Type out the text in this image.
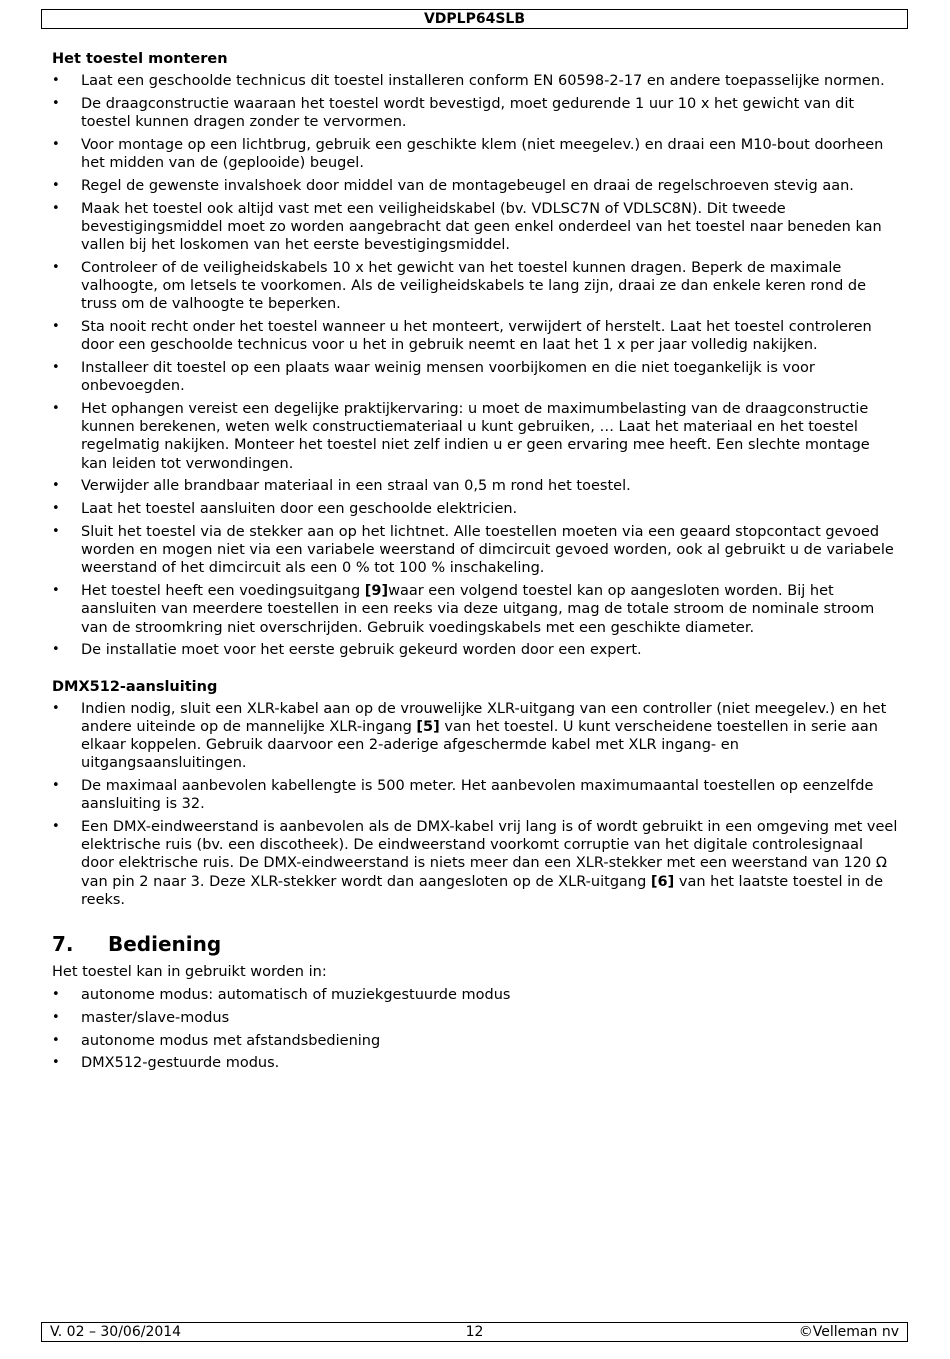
VDPLP64SLB
Het toestel monteren
• Laat een geschoolde technicus dit toestel installeren conform EN 60598-2-17 en andere toepasselijke normen.
• De draagconstructie waaraan het toestel wordt bevestigd, moet gedurende 1 uur 10 x het gewicht van dit toestel kunnen dragen zonder te vervormen.
• Voor montage op een lichtbrug, gebruik een geschikte klem (niet meegelev.) en draai een M10-bout doorheen het midden van de (geplooide) beugel.
• Regel de gewenste invalshoek door middel van de montagebeugel en draai de regelschroeven stevig aan.
• Maak het toestel ook altijd vast met een veiligheidskabel (bv. VDLSC7N of VDLSC8N). Dit tweede bevestigingsmiddel moet zo worden aangebracht dat geen enkel onderdeel van het toestel naar beneden kan vallen bij het loskomen van het eerste bevestigingsmiddel.
• Controleer of de veiligheidskabels 10 x het gewicht van het toestel kunnen dragen. Beperk de maximale valhoogte, om letsels te voorkomen. Als de veiligheidskabels te lang zijn, draai ze dan enkele keren rond de truss om de valhoogte te beperken.
• Sta nooit recht onder het toestel wanneer u het monteert, verwijdert of herstelt. Laat het toestel controleren door een geschoolde technicus voor u het in gebruik neemt en laat het 1 x per jaar volledig nakijken.
• Installeer dit toestel op een plaats waar weinig mensen voorbijkomen en die niet toegankelijk is voor onbevoegden.
• Het ophangen vereist een degelijke praktijkervaring: u moet de maximumbelasting van de draagconstructie kunnen berekenen, weten welk constructiemateriaal u kunt gebruiken, … Laat het materiaal en het toestel regelmatig nakijken. Monteer het toestel niet zelf indien u er geen ervaring mee heeft. Een slechte montage kan leiden tot verwondingen.
• Verwijder alle brandbaar materiaal in een straal van 0,5 m rond het toestel.
• Laat het toestel aansluiten door een geschoolde elektricien.
• Sluit het toestel via de stekker aan op het lichtnet. Alle toestellen moeten via een geaard stopcontact gevoed worden en mogen niet via een variabele weerstand of dimcircuit gevoed worden, ook al gebruikt u de variabele weerstand of het dimcircuit als een 0 % tot 100 % inschakeling.
• Het toestel heeft een voedingsuitgang [9]waar een volgend toestel kan op aangesloten worden. Bij het aansluiten van meerdere toestellen in een reeks via deze uitgang, mag de totale stroom de nominale stroom van de stroomkring niet overschrijden. Gebruik voedingskabels met een geschikte diameter.
• De installatie moet voor het eerste gebruik gekeurd worden door een expert.
DMX512-aansluiting
• Indien nodig, sluit een XLR-kabel aan op de vrouwelijke XLR-uitgang van een controller (niet meegelev.) en het andere uiteinde op de mannelijke XLR-ingang [5] van het toestel. U kunt verscheidene toestellen in serie aan elkaar koppelen. Gebruik daarvoor een 2-aderige afgeschermde kabel met XLR ingang- en uitgangsaansluitingen.
• De maximaal aanbevolen kabellengte is 500 meter. Het aanbevolen maximumaantal toestellen op eenzelfde aansluiting is 32.
• Een DMX-eindweerstand is aanbevolen als de DMX-kabel vrij lang is of wordt gebruikt in een omgeving met veel elektrische ruis (bv. een discotheek). De eindweerstand voorkomt corruptie van het digitale controlesignaal door elektrische ruis. De DMX-eindweerstand is niets meer dan een XLR-stekker met een weerstand van 120 Ω van pin 2 naar 3. Deze XLR-stekker wordt dan aangesloten op de XLR-uitgang [6] van het laatste toestel in de reeks.
7.	Bediening

Het toestel kan in gebruikt worden in:

• autonome modus: automatisch of muziekgestuurde modus
• master/slave-modus
• autonome modus met afstandsbediening
• DMX512-gestuurde modus.
V. 02 – 30/06/2014	12	©Velleman nv
